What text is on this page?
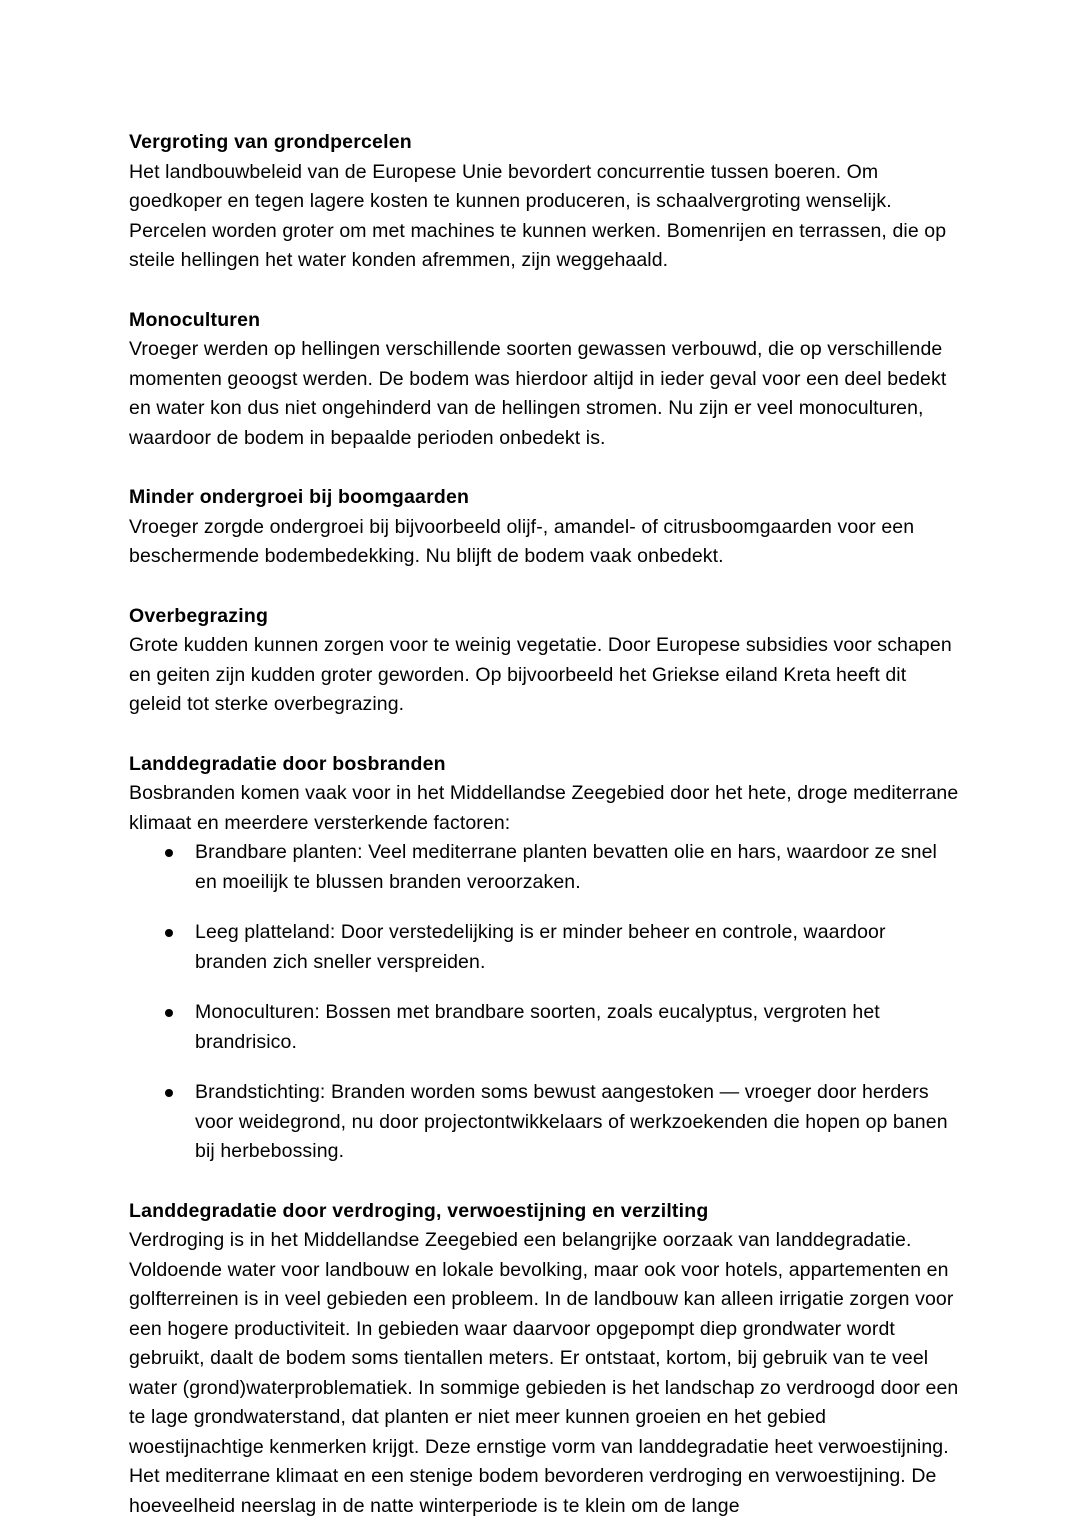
Vergroting van grondpercelen

Het landbouwbeleid van de Europese Unie bevordert concurrentie tussen boeren. Om goedkoper en tegen lagere kosten te kunnen produceren, is schaalvergroting wenselijk. Percelen worden groter om met machines te kunnen werken. Bomenrijen en terrassen, die op steile hellingen het water konden afremmen, zijn weggehaald.

Monoculturen

Vroeger werden op hellingen verschillende soorten gewassen verbouwd, die op verschillende momenten geoogst werden. De bodem was hierdoor altijd in ieder geval voor een deel bedekt en water kon dus niet ongehinderd van de hellingen stromen. Nu zijn er veel monoculturen, waardoor de bodem in bepaalde perioden onbedekt is.

Minder ondergroei bij boomgaarden

Vroeger zorgde ondergroei bij bijvoorbeeld olijf-, amandel- of citrusboomgaarden voor een beschermende bodembedekking. Nu blijft de bodem vaak onbedekt.

Overbegrazing

Grote kudden kunnen zorgen voor te weinig vegetatie. Door Europese subsidies voor schapen en geiten zijn kudden groter geworden. Op bijvoorbeeld het Griekse eiland Kreta heeft dit geleid tot sterke overbegrazing.

Landdegradatie door bosbranden

Bosbranden komen vaak voor in het Middellandse Zeegebied door het hete, droge mediterrane klimaat en meerdere versterkende factoren:

Brandbare planten: Veel mediterrane planten bevatten olie en hars, waardoor ze snel en moeilijk te blussen branden veroorzaken.
Leeg platteland: Door verstedelijking is er minder beheer en controle, waardoor branden zich sneller verspreiden.
Monoculturen: Bossen met brandbare soorten, zoals eucalyptus, vergroten het brandrisico.
Brandstichting: Branden worden soms bewust aangestoken — vroeger door herders voor weidegrond, nu door projectontwikkelaars of werkzoekenden die hopen op banen bij herbebossing.
Landdegradatie door verdroging, verwoestijning en verzilting

Verdroging is in het Middellandse Zeegebied een belangrijke oorzaak van landdegradatie. Voldoende water voor landbouw en lokale bevolking, maar ook voor hotels, appartementen en golfterreinen is in veel gebieden een probleem. In de landbouw kan alleen irrigatie zorgen voor een hogere productiviteit. In gebieden waar daarvoor opgepompt diep grondwater wordt gebruikt, daalt de bodem soms tientallen meters. Er ontstaat, kortom, bij gebruik van te veel water (grond)waterproblematiek. In sommige gebieden is het landschap zo verdroogd door een te lage grondwaterstand, dat planten er niet meer kunnen groeien en het gebied woestijnachtige kenmerken krijgt. Deze ernstige vorm van landdegradatie heet verwoestijning. Het mediterrane klimaat en een stenige bodem bevorderen verdroging en verwoestijning. De hoeveelheid neerslag in de natte winterperiode is te klein om de lange
